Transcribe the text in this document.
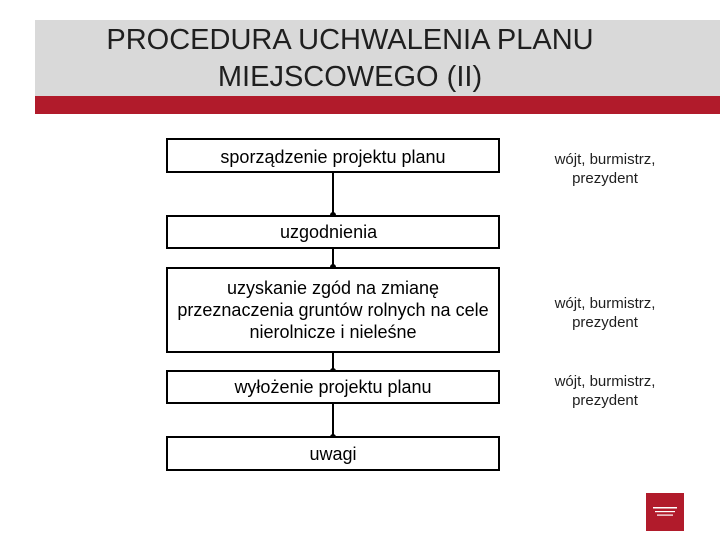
PROCEDURA UCHWALENIA PLANU
MIEJSCOWEGO (II)
sporządzenie projektu planu
uzgodnienia
uzyskanie zgód na zmianę przeznaczenia gruntów rolnych na cele nierolnicze i nieleśne
wyłożenie projektu planu
uwagi
wójt, burmistrz, prezydent
wójt, burmistrz, prezydent
wójt, burmistrz, prezydent
